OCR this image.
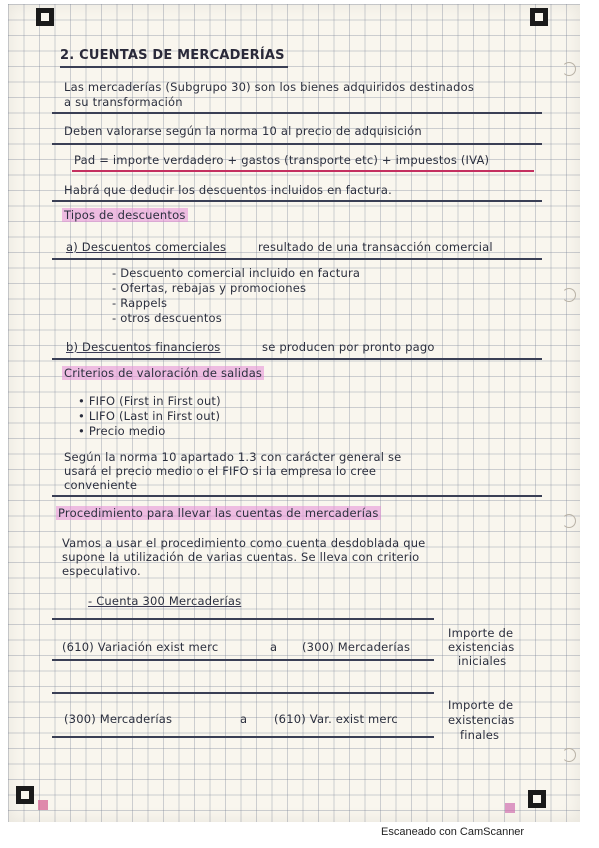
2. CUENTAS DE MERCADERÍAS
Las mercaderías (Subgrupo 30) son los bienes adquiridos destinados
a su transformación
Deben valorarse según la norma 10 al precio de adquisición
Pad = importe verdadero + gastos (transporte etc) + impuestos (IVA)
Habrá que deducir los descuentos incluidos en factura.
Tipos de descuentos
a) Descuentos comerciales	resultado de una transacción comercial
- Descuento comercial incluido en factura
- Ofertas, rebajas y promociones
- Rappels
- otros descuentos
b) Descuentos financieros	se producen por pronto pago
Criterios de valoración de salidas
• FIFO (First in First out)
• LIFO (Last in First out)
• Precio medio
Según la norma 10 apartado 1.3 con carácter general se
usará el precio medio o el FIFO si la empresa lo cree
conveniente
Procedimiento para llevar las cuentas de mercaderías
Vamos a usar el procedimiento como cuenta desdoblada que
supone la utilización de varias cuentas. Se lleva con criterio
especulativo.
- Cuenta 300 Mercaderías
(610) Variación exist merc	a (300) Mercaderías
Importe de
existencias
iniciales
(300) Mercaderías	a (610) Var. exist merc
Importe de
existencias
finales
Escaneado con CamScanner
